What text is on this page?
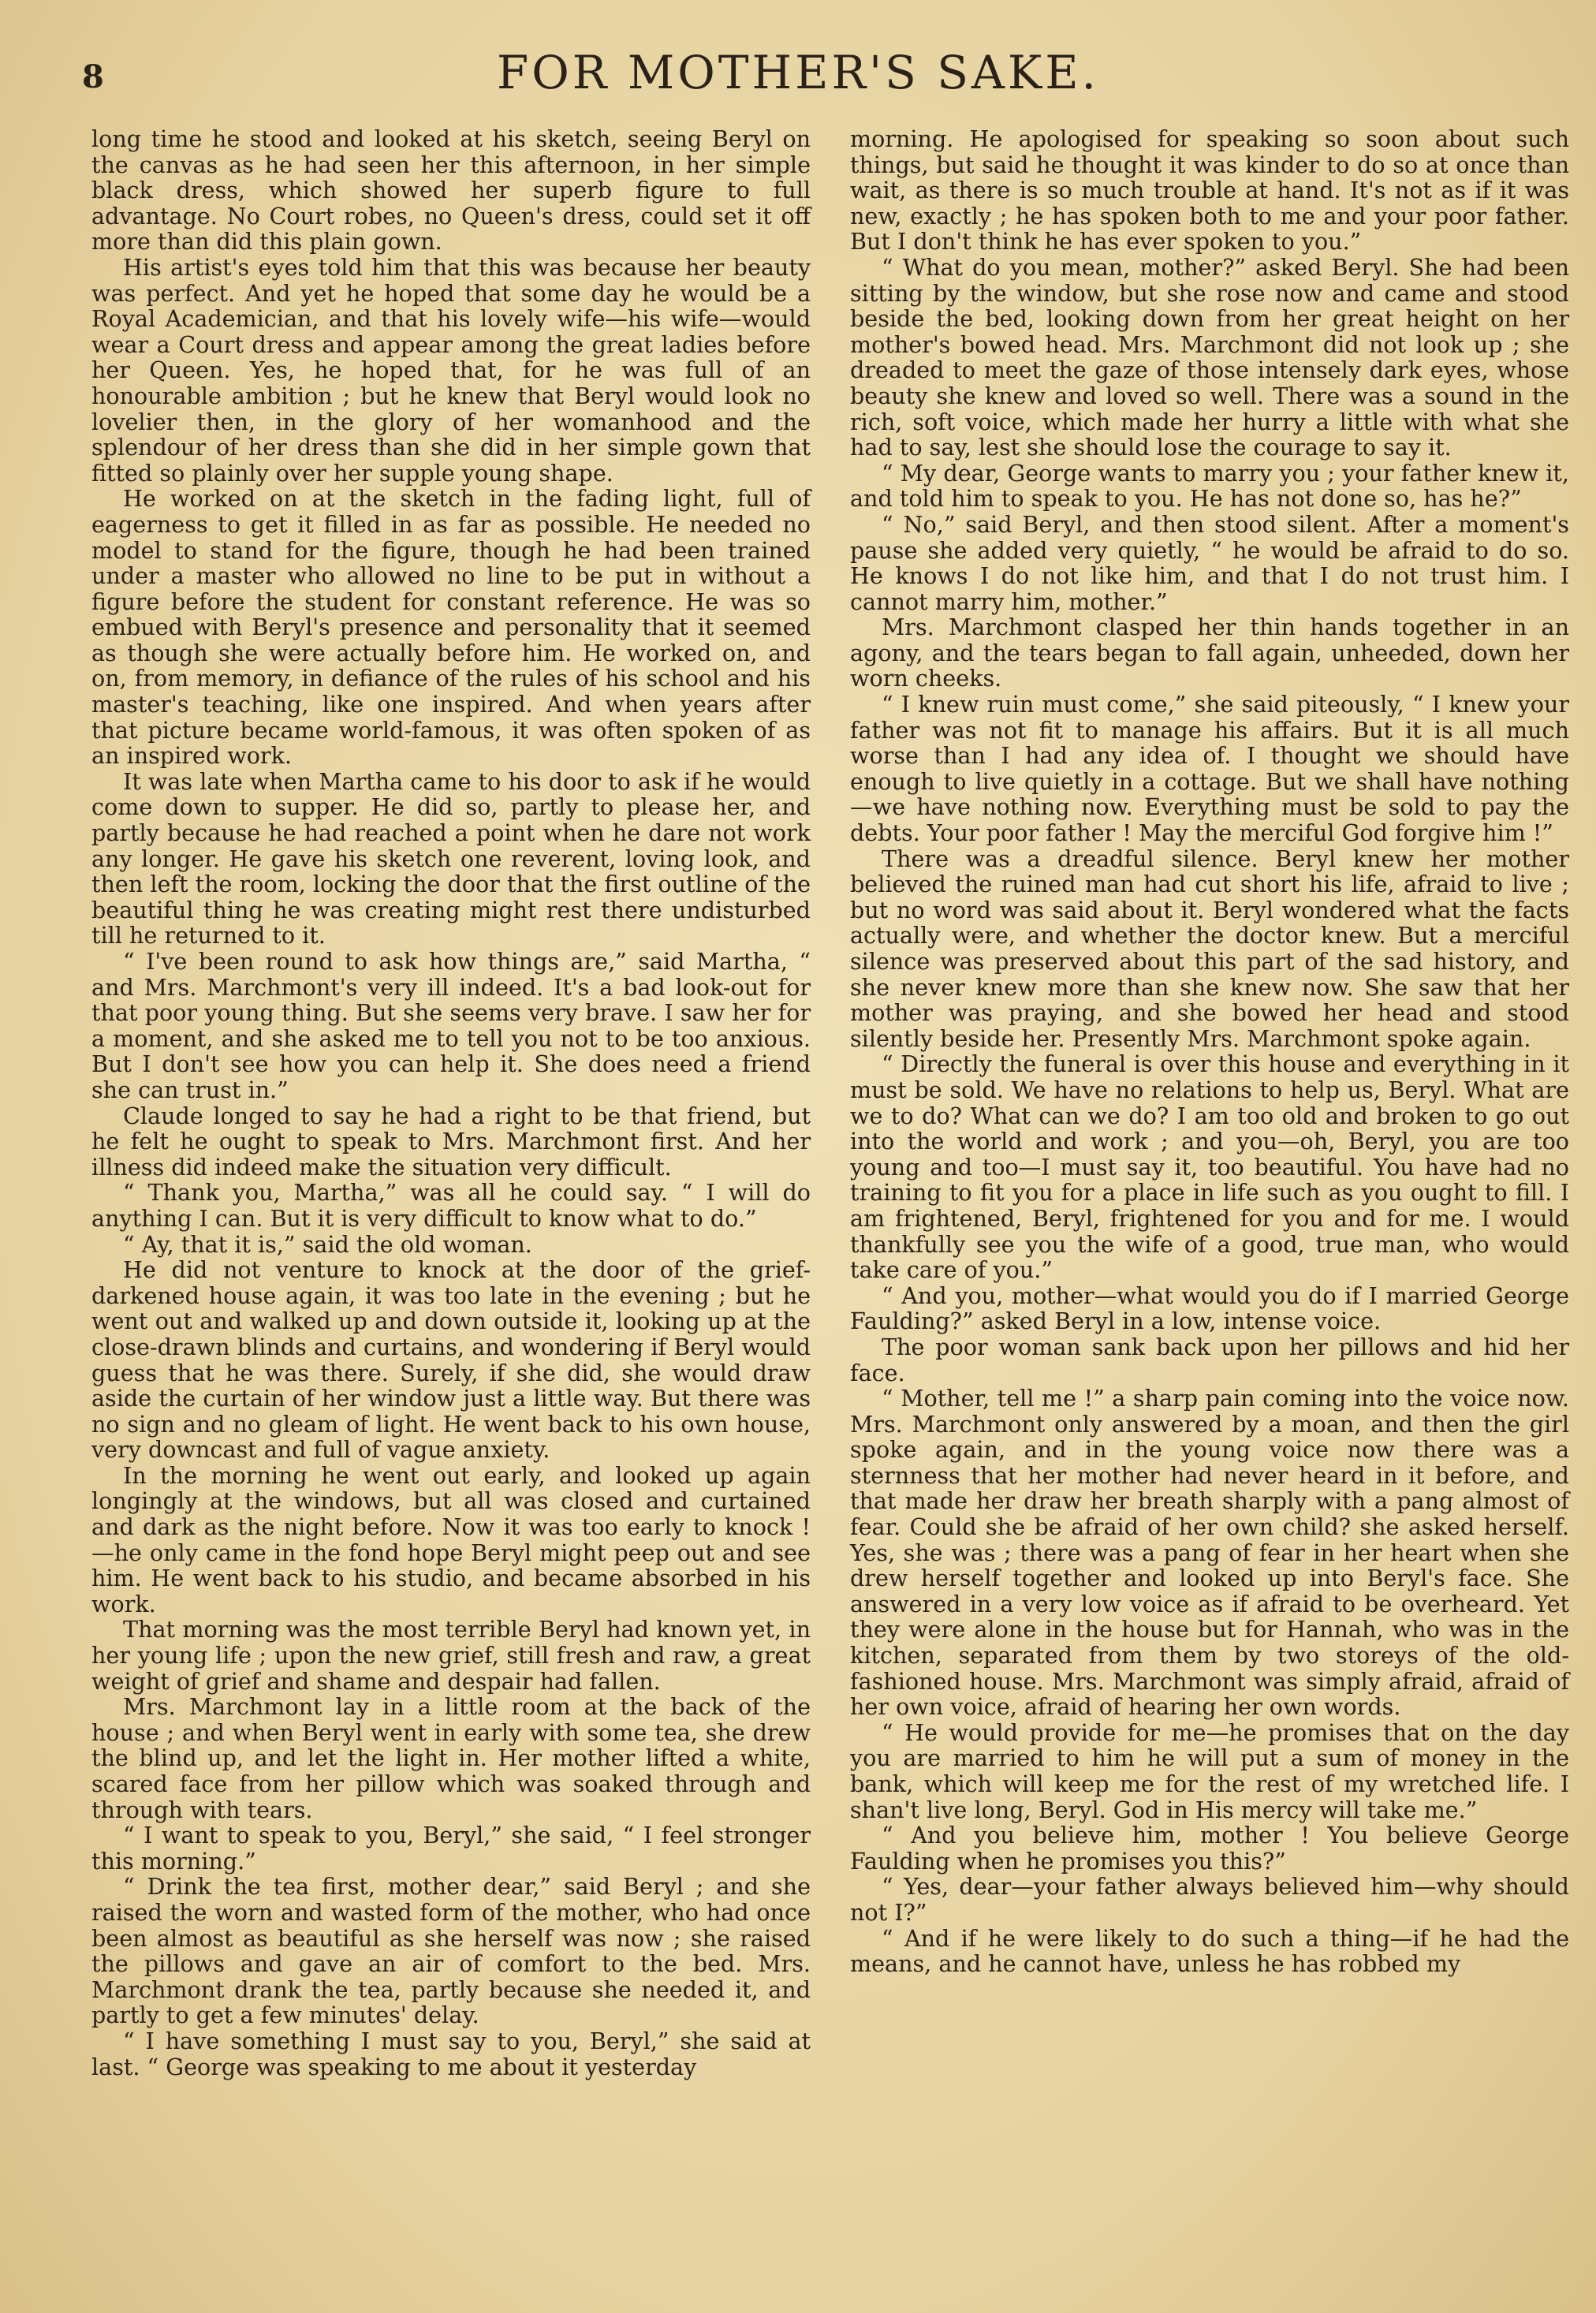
8	FOR MOTHER'S SAKE.

long time he stood and looked at his sketch, seeing Beryl on the canvas as he had seen her this afternoon, in her simple black dress, which showed her superb figure to full advantage. No Court robes, no Queen's dress, could set it off more than did this plain gown.

His artist's eyes told him that this was because her beauty was perfect. And yet he hoped that some day he would be a Royal Academician, and that his lovely wife—his wife—would wear a Court dress and appear among the great ladies before her Queen. Yes, he hoped that, for he was full of an honourable ambition ; but he knew that Beryl would look no lovelier then, in the glory of her womanhood and the splendour of her dress than she did in her simple gown that fitted so plainly over her supple young shape.

He worked on at the sketch in the fading light, full of eagerness to get it filled in as far as possible. He needed no model to stand for the figure, though he had been trained under a master who allowed no line to be put in without a figure before the student for constant reference. He was so embued with Beryl's presence and personality that it seemed as though she were actually before him. He worked on, and on, from memory, in defiance of the rules of his school and his master's teaching, like one inspired. And when years after that picture became world-famous, it was often spoken of as an inspired work.

It was late when Martha came to his door to ask if he would come down to supper. He did so, partly to please her, and partly because he had reached a point when he dare not work any longer. He gave his sketch one reverent, loving look, and then left the room, locking the door that the first outline of the beautiful thing he was creating might rest there undisturbed till he returned to it.

“ I've been round to ask how things are,” said Martha, “ and Mrs. Marchmont's very ill indeed. It's a bad look-out for that poor young thing. But she seems very brave. I saw her for a moment, and she asked me to tell you not to be too anxious. But I don't see how you can help it. She does need a friend she can trust in.”

Claude longed to say he had a right to be that friend, but he felt he ought to speak to Mrs. Marchmont first. And her illness did indeed make the situation very difficult.

“ Thank you, Martha,” was all he could say. “ I will do anything I can. But it is very difficult to know what to do.”

“ Ay, that it is,” said the old woman.

He did not venture to knock at the door of the grief-darkened house again, it was too late in the evening ; but he went out and walked up and down outside it, looking up at the close-drawn blinds and curtains, and wondering if Beryl would guess that he was there. Surely, if she did, she would draw aside the curtain of her window just a little way. But there was no sign and no gleam of light. He went back to his own house, very downcast and full of vague anxiety.

In the morning he went out early, and looked up again longingly at the windows, but all was closed and curtained and dark as the night before. Now it was too early to knock !—he only came in the fond hope Beryl might peep out and see him. He went back to his studio, and became absorbed in his work.

That morning was the most terrible Beryl had known yet, in her young life ; upon the new grief, still fresh and raw, a great weight of grief and shame and despair had fallen.

Mrs. Marchmont lay in a little room at the back of the house ; and when Beryl went in early with some tea, she drew the blind up, and let the light in. Her mother lifted a white, scared face from her pillow which was soaked through and through with tears.

“ I want to speak to you, Beryl,” she said, “ I feel stronger this morning.”

“ Drink the tea first, mother dear,” said Beryl ; and she raised the worn and wasted form of the mother, who had once been almost as beautiful as she herself was now ; she raised the pillows and gave an air of comfort to the bed. Mrs. Marchmont drank the tea, partly because she needed it, and partly to get a few minutes' delay.

“ I have something I must say to you, Beryl,” she said at last. “ George was speaking to me about it yesterday

morning. He apologised for speaking so soon about such things, but said he thought it was kinder to do so at once than wait, as there is so much trouble at hand. It's not as if it was new, exactly ; he has spoken both to me and your poor father. But I don't think he has ever spoken to you.”

“ What do you mean, mother?” asked Beryl. She had been sitting by the window, but she rose now and came and stood beside the bed, looking down from her great height on her mother's bowed head. Mrs. Marchmont did not look up ; she dreaded to meet the gaze of those intensely dark eyes, whose beauty she knew and loved so well. There was a sound in the rich, soft voice, which made her hurry a little with what she had to say, lest she should lose the courage to say it.

“ My dear, George wants to marry you ; your father knew it, and told him to speak to you. He has not done so, has he?”

“ No,” said Beryl, and then stood silent. After a moment's pause she added very quietly, “ he would be afraid to do so. He knows I do not like him, and that I do not trust him. I cannot marry him, mother.”

Mrs. Marchmont clasped her thin hands together in an agony, and the tears began to fall again, unheeded, down her worn cheeks.

“ I knew ruin must come,” she said piteously, “ I knew your father was not fit to manage his affairs. But it is all much worse than I had any idea of. I thought we should have enough to live quietly in a cottage. But we shall have nothing—we have nothing now. Everything must be sold to pay the debts. Your poor father ! May the merciful God forgive him !”

There was a dreadful silence. Beryl knew her mother believed the ruined man had cut short his life, afraid to live ; but no word was said about it. Beryl wondered what the facts actually were, and whether the doctor knew. But a merciful silence was preserved about this part of the sad history, and she never knew more than she knew now. She saw that her mother was praying, and she bowed her head and stood silently beside her. Presently Mrs. Marchmont spoke again.

“ Directly the funeral is over this house and everything in it must be sold. We have no relations to help us, Beryl. What are we to do? What can we do? I am too old and broken to go out into the world and work ; and you—oh, Beryl, you are too young and too—I must say it, too beautiful. You have had no training to fit you for a place in life such as you ought to fill. I am frightened, Beryl, frightened for you and for me. I would thankfully see you the wife of a good, true man, who would take care of you.”

“ And you, mother—what would you do if I married George Faulding?” asked Beryl in a low, intense voice.

The poor woman sank back upon her pillows and hid her face.

“ Mother, tell me !” a sharp pain coming into the voice now. Mrs. Marchmont only answered by a moan, and then the girl spoke again, and in the young voice now there was a sternness that her mother had never heard in it before, and that made her draw her breath sharply with a pang almost of fear. Could she be afraid of her own child? she asked herself. Yes, she was ; there was a pang of fear in her heart when she drew herself together and looked up into Beryl's face. She answered in a very low voice as if afraid to be overheard. Yet they were alone in the house but for Hannah, who was in the kitchen, separated from them by two storeys of the old-fashioned house. Mrs. Marchmont was simply afraid, afraid of her own voice, afraid of hearing her own words.

“ He would provide for me—he promises that on the day you are married to him he will put a sum of money in the bank, which will keep me for the rest of my wretched life. I shan't live long, Beryl. God in His mercy will take me.”

“ And you believe him, mother ! You believe George Faulding when he promises you this?”

“ Yes, dear—your father always believed him—why should not I?”

“ And if he were likely to do such a thing—if he had the means, and he cannot have, unless he has robbed my
